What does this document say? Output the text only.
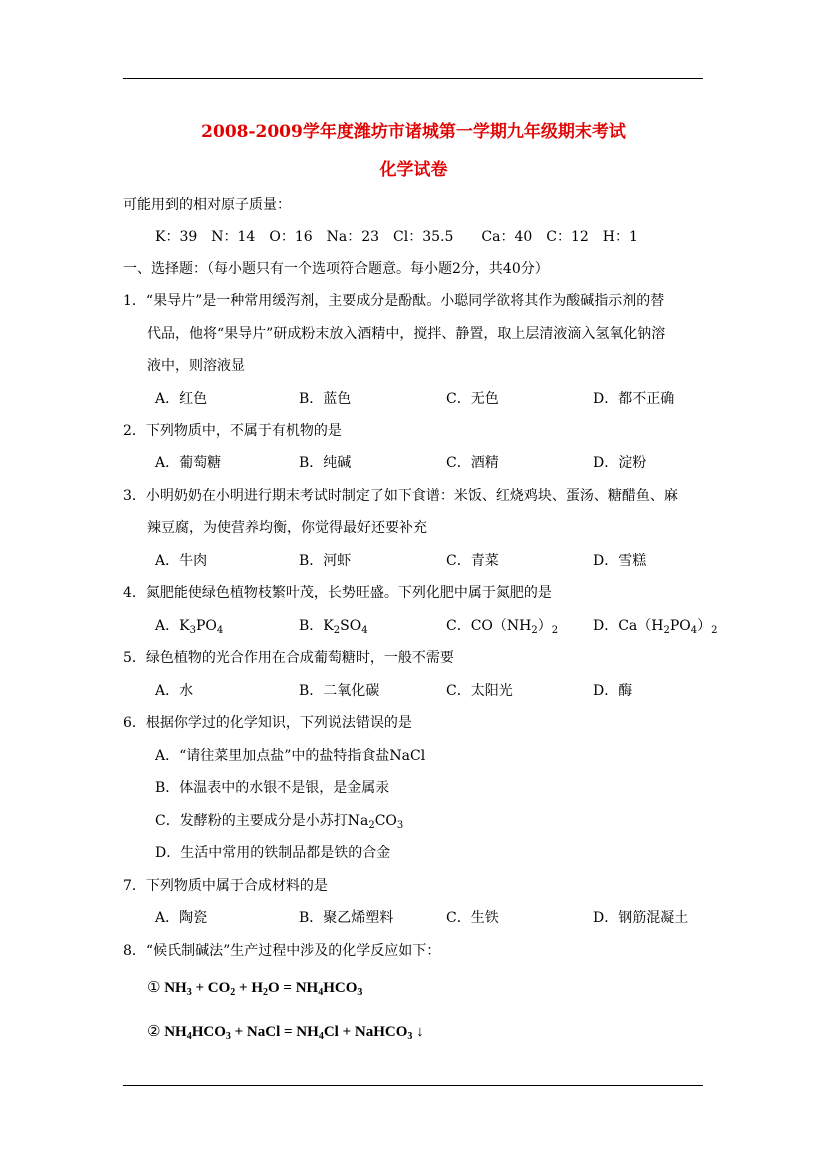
2008-2009学年度潍坊市诸城第一学期九年级期末考试
化学试卷
可能用到的相对原子质量：
K：39　N：14　O：16　Na：23　Cl：35.5　　Ca：40　C：12　H：1
一、选择题：（每小题只有一个选项符合题意。每小题2分，共40分）
1．“果导片”是一种常用缓泻剂，主要成分是酚酞。小聪同学欲将其作为酸碱指示剂的替
代品，他将“果导片”研成粉末放入酒精中，搅拌、静置，取上层清液滴入氢氧化钠溶
液中，则溶液显
A．红色	B．蓝色	C．无色	D．都不正确
2．下列物质中，不属于有机物的是
A．葡萄糖	B．纯碱	C．酒精	D．淀粉
3．小明奶奶在小明进行期末考试时制定了如下食谱：米饭、红烧鸡块、蛋汤、糖醋鱼、麻
辣豆腐，为使营养均衡，你觉得最好还要补充
A．牛肉	B．河虾	C．青菜	D．雪糕
4．氮肥能使绿色植物枝繁叶茂，长势旺盛。下列化肥中属于氮肥的是
A．$K_3PO_4$	B．$K_2SO_4$	C．$CO(NH_2)_2$ D．$Ca(H_2PO_4)_2$
5．绿色植物的光合作用在合成葡萄糖时，一般不需要
A．水	B．二氧化碳	C．太阳光	D．酶
6．根据你学过的化学知识，下列说法错误的是
A．“请往菜里加点盐”中的盐特指食盐NaCl
B．体温表中的水银不是银，是金属汞
C．发酵粉的主要成分是小苏打$Na_2CO_3$
D．生活中常用的铁制品都是铁的合金
7．下列物质中属于合成材料的是
A．陶瓷	B．聚乙烯塑料	C．生铁	D．钢筋混凝土
8．“候氏制碱法”生产过程中涉及的化学反应如下：
① $NH_3 + CO_2 + H_2O = NH_4HCO_3$
② $NH_4HCO_3$ + NaCl = $NH_4Cl$ + NaHCO$_3$ ↓
